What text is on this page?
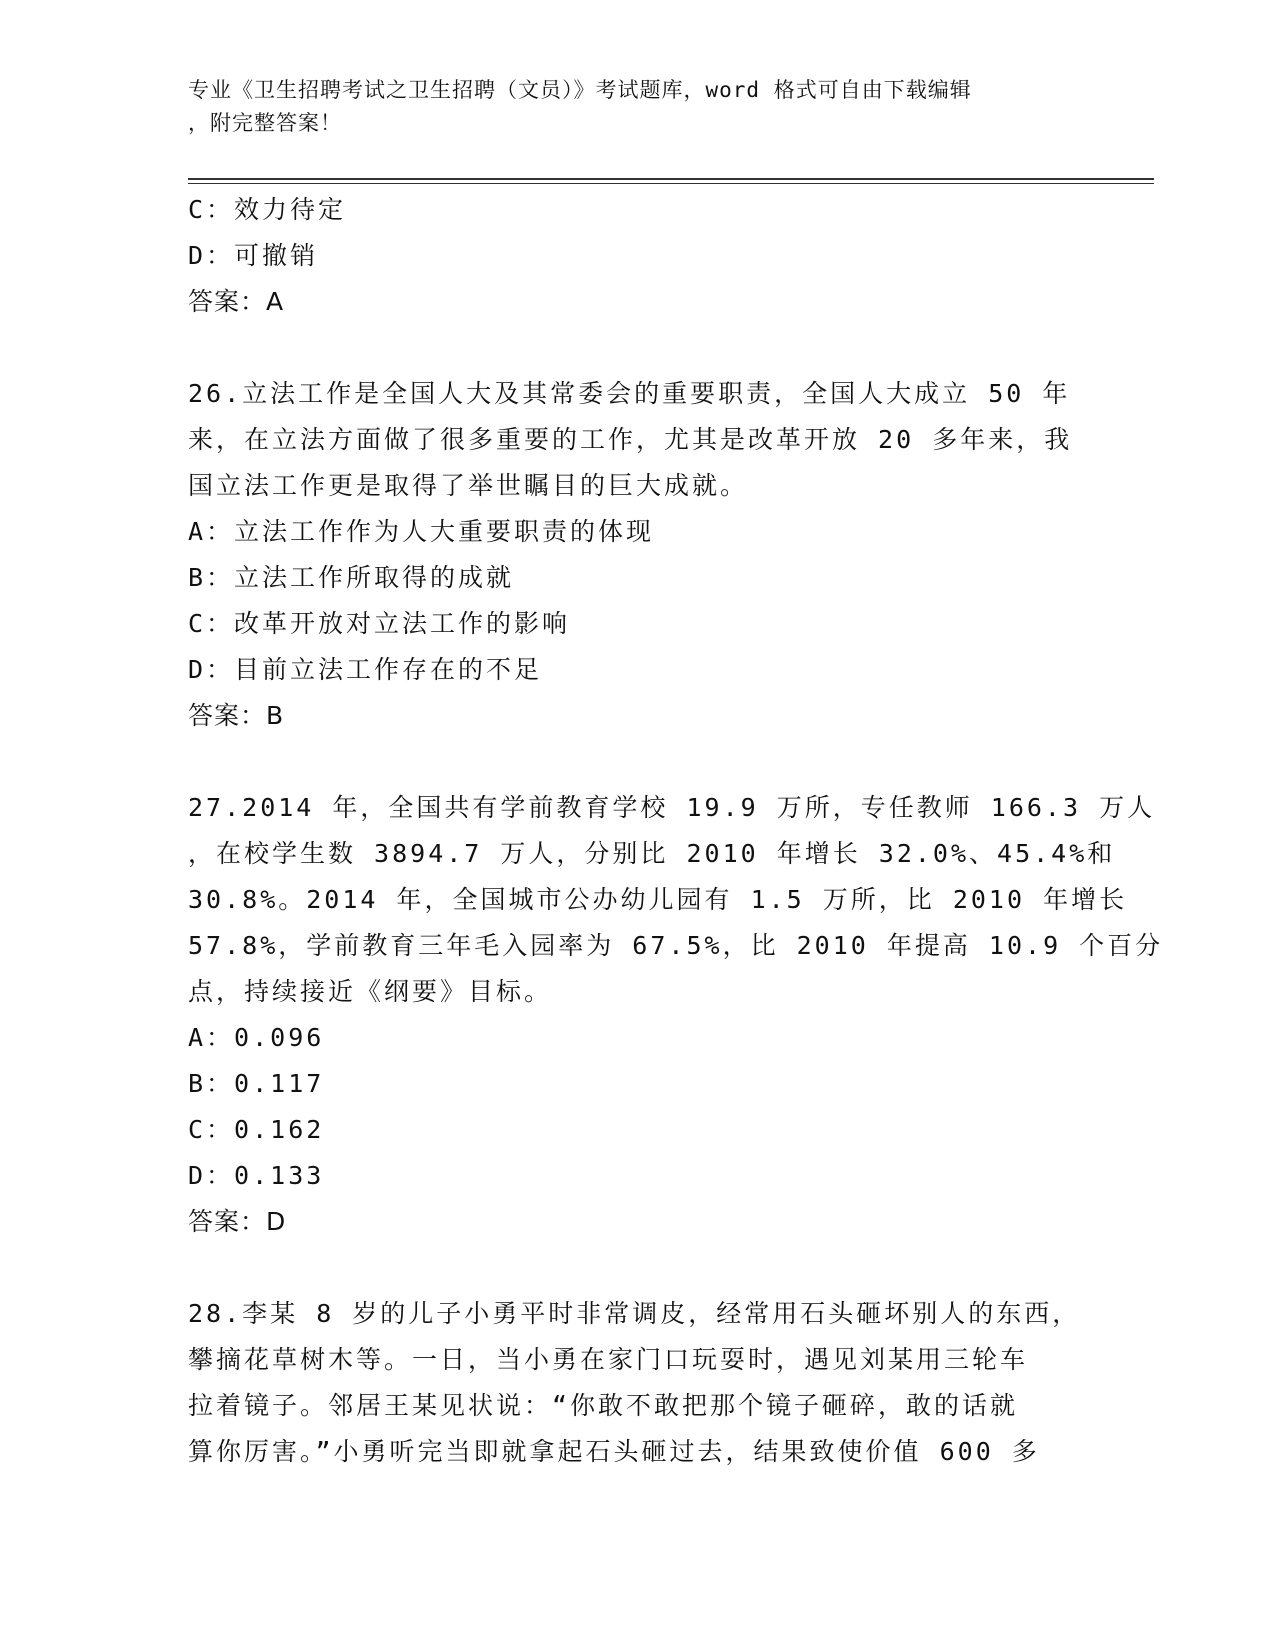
专业《卫生招聘考试之卫生招聘（文员）》考试题库，word 格式可自由下载编辑
，附完整答案！
C：效力待定
D：可撤销
答案：A
26.立法工作是全国人大及其常委会的重要职责，全国人大成立 50 年
来，在立法方面做了很多重要的工作，尤其是改革开放 20 多年来，我
国立法工作更是取得了举世瞩目的巨大成就。
A：立法工作作为人大重要职责的体现
B：立法工作所取得的成就
C：改革开放对立法工作的影响
D：目前立法工作存在的不足
答案：B
27.2014 年，全国共有学前教育学校 19.9 万所，专任教师 166.3 万人
，在校学生数 3894.7 万人，分别比 2010 年增长 32.0%、45.4%和
30.8%。2014 年，全国城市公办幼儿园有 1.5 万所，比 2010 年增长
57.8%，学前教育三年毛入园率为 67.5%，比 2010 年提高 10.9 个百分
点，持续接近《纲要》目标。
A：0.096
B：0.117
C：0.162
D：0.133
答案：D
28.李某 8 岁的儿子小勇平时非常调皮，经常用石头砸坏别人的东西，
攀摘花草树木等。一日，当小勇在家门口玩耍时，遇见刘某用三轮车
拉着镜子。邻居王某见状说：“你敢不敢把那个镜子砸碎，敢的话就
算你厉害。”小勇听完当即就拿起石头砸过去，结果致使价值 600 多
